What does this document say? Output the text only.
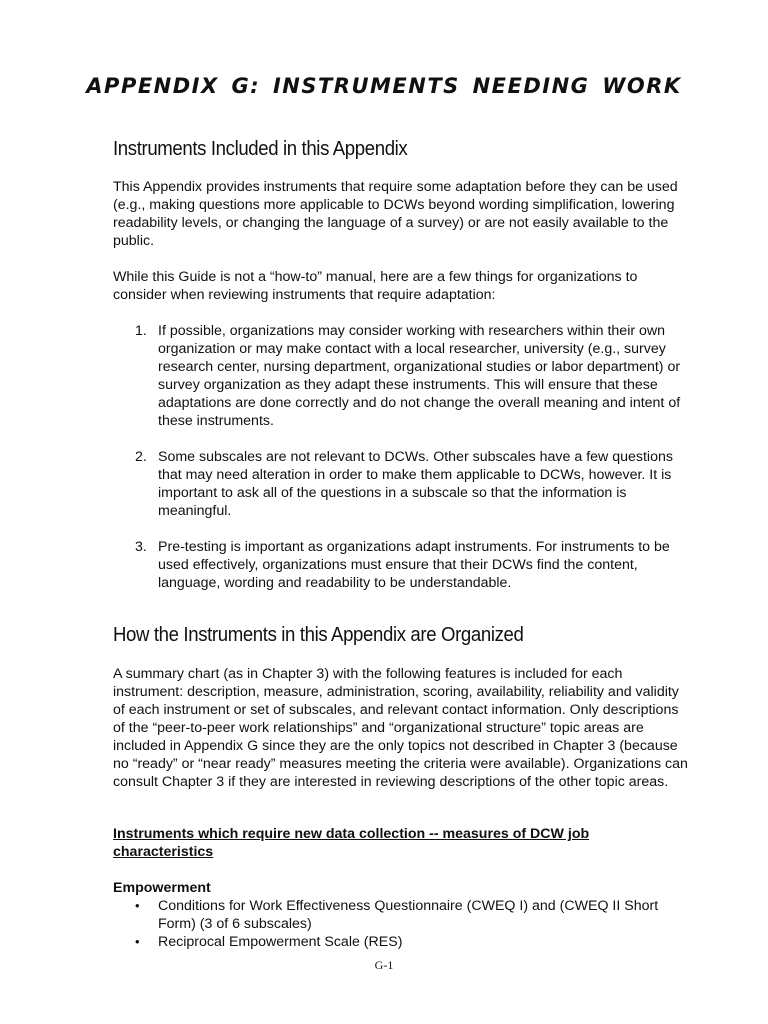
APPENDIX G: INSTRUMENTS NEEDING WORK
Instruments Included in this Appendix

This Appendix provides instruments that require some adaptation before they can be used (e.g., making questions more applicable to DCWs beyond wording simplification, lowering readability levels, or changing the language of a survey) or are not easily available to the public.

While this Guide is not a “how-to” manual, here are a few things for organizations to consider when reviewing instruments that require adaptation:

1. If possible, organizations may consider working with researchers within their own organization or may make contact with a local researcher, university (e.g., survey research center, nursing department, organizational studies or labor department) or survey organization as they adapt these instruments. This will ensure that these adaptations are done correctly and do not change the overall meaning and intent of these instruments.
2. Some subscales are not relevant to DCWs. Other subscales have a few questions that may need alteration in order to make them applicable to DCWs, however. It is important to ask all of the questions in a subscale so that the information is meaningful.
3. Pre-testing is important as organizations adapt instruments. For instruments to be used effectively, organizations must ensure that their DCWs find the content, language, wording and readability to be understandable.
How the Instruments in this Appendix are Organized

A summary chart (as in Chapter 3) with the following features is included for each instrument: description, measure, administration, scoring, availability, reliability and validity of each instrument or set of subscales, and relevant contact information. Only descriptions of the “peer-to-peer work relationships” and “organizational structure” topic areas are included in Appendix G since they are the only topics not described in Chapter 3 (because no “ready” or “near ready” measures meeting the criteria were available). Organizations can consult Chapter 3 if they are interested in reviewing descriptions of the other topic areas.

Instruments which require new data collection -- measures of DCW job characteristics
Empowerment
• Conditions for Work Effectiveness Questionnaire (CWEQ I) and (CWEQ II Short Form) (3 of 6 subscales)
• Reciprocal Empowerment Scale (RES)
G-1
